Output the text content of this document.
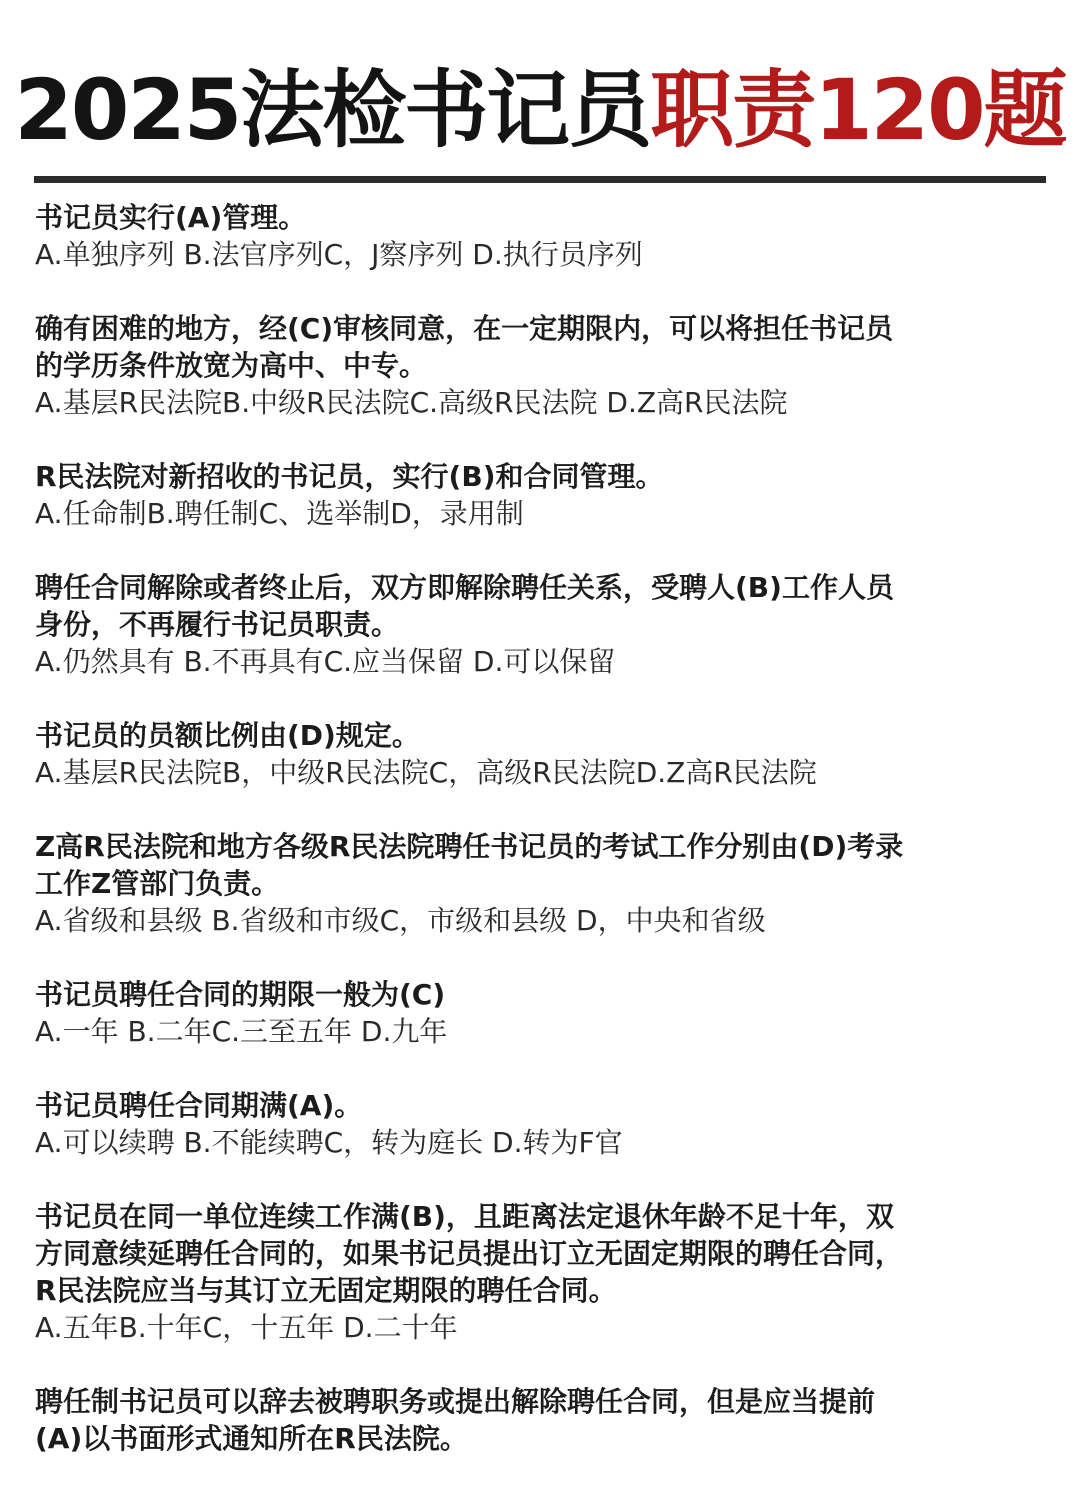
2025法检书记员职责120题
书记员实行(A)管理。
A.单独序列 B.法官序列C，J察序列 D.执行员序列
确有困难的地方，经(C)审核同意，在一定期限内，可以将担任书记员
的学历条件放宽为高中、中专。
A.基层R民法院B.中级R民法院C.高级R民法院 D.Z高R民法院
R民法院对新招收的书记员，实行(B)和合同管理。
A.任命制B.聘任制C、选举制D，录用制
聘任合同解除或者终止后，双方即解除聘任关系，受聘人(B)工作人员
身份，不再履行书记员职责。
A.仍然具有 B.不再具有C.应当保留 D.可以保留
书记员的员额比例由(D)规定。
A.基层R民法院B，中级R民法院C，高级R民法院D.Z高R民法院
Z高R民法院和地方各级R民法院聘任书记员的考试工作分别由(D)考录
工作Z管部门负责。
A.省级和县级 B.省级和市级C，市级和县级 D，中央和省级
书记员聘任合同的期限一般为(C)
A.一年 B.二年C.三至五年 D.九年
书记员聘任合同期满(A)。
A.可以续聘 B.不能续聘C，转为庭长 D.转为F官
书记员在同一单位连续工作满(B)，且距离法定退休年龄不足十年，双
方同意续延聘任合同的，如果书记员提出订立无固定期限的聘任合同，
R民法院应当与其订立无固定期限的聘任合同。
A.五年B.十年C，十五年 D.二十年
聘任制书记员可以辞去被聘职务或提出解除聘任合同，但是应当提前
(A)以书面形式通知所在R民法院。
